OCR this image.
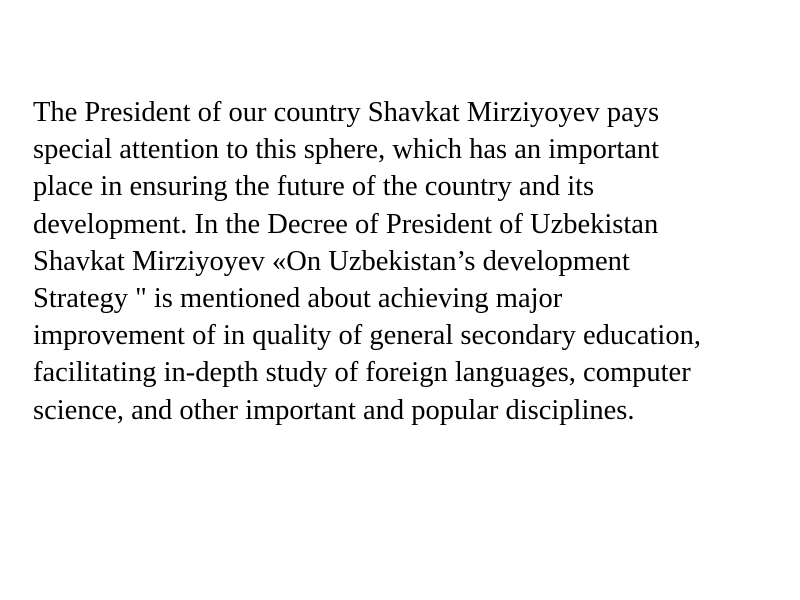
The President of our country Shavkat Mirziyoyev pays
special attention to this sphere, which has an important
place in ensuring the future of the country and its
development. In the Decree of President of Uzbekistan
Shavkat Mirziyoyev «On Uzbekistan’s development
Strategy " is mentioned about achieving major
improvement of in quality of general secondary education,
facilitating in-depth study of foreign languages, computer
science, and other important and popular disciplines.
